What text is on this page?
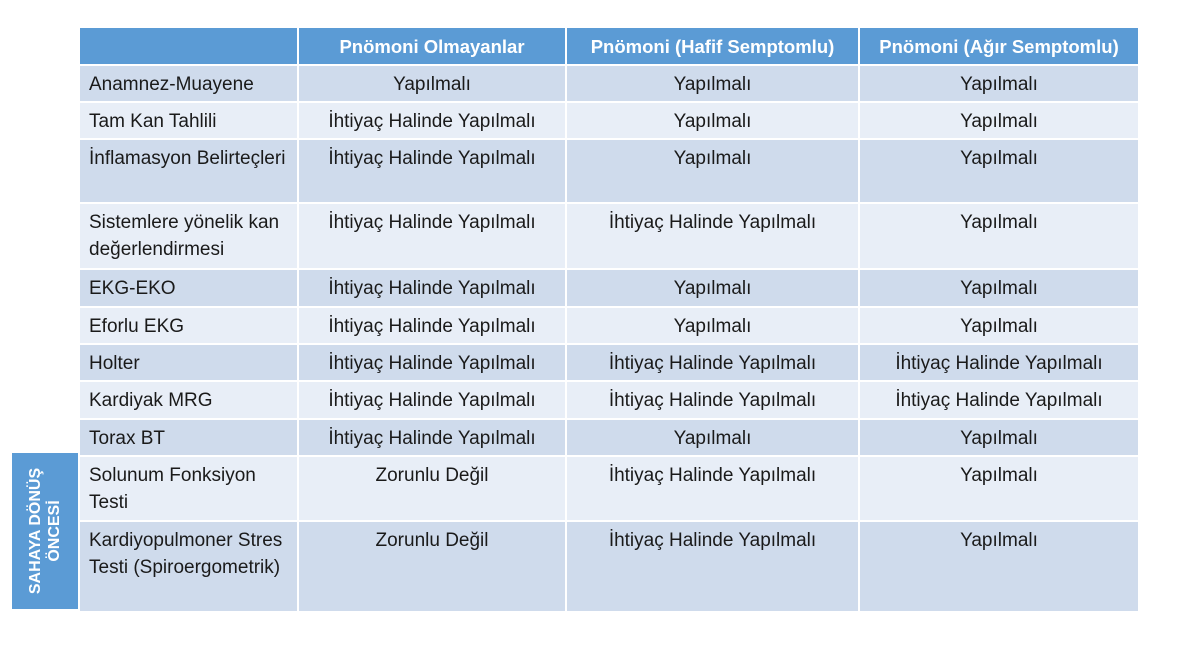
	Pnömoni Olmayanlar	Pnömoni (Hafif Semptomlu)	Pnömoni (Ağır Semptomlu)
Anamnez-Muayene	Yapılmalı	Yapılmalı	Yapılmalı
Tam Kan Tahlili	İhtiyaç Halinde Yapılmalı	Yapılmalı	Yapılmalı
İnflamasyon Belirteçleri	İhtiyaç Halinde Yapılmalı	Yapılmalı	Yapılmalı
Sistemlere yönelik kan değerlendirmesi	İhtiyaç Halinde Yapılmalı	İhtiyaç Halinde Yapılmalı	Yapılmalı
EKG-EKO	İhtiyaç Halinde Yapılmalı	Yapılmalı	Yapılmalı
Eforlu EKG	İhtiyaç Halinde Yapılmalı	Yapılmalı	Yapılmalı
Holter	İhtiyaç Halinde Yapılmalı	İhtiyaç Halinde Yapılmalı	İhtiyaç Halinde Yapılmalı
Kardiyak MRG	İhtiyaç Halinde Yapılmalı	İhtiyaç Halinde Yapılmalı	İhtiyaç Halinde Yapılmalı
Torax BT	İhtiyaç Halinde Yapılmalı	Yapılmalı	Yapılmalı
Solunum Fonksiyon Testi	Zorunlu Değil	İhtiyaç Halinde Yapılmalı	Yapılmalı
Kardiyopulmoner Stres Testi (Spiroergometrik)	Zorunlu Değil	İhtiyaç Halinde Yapılmalı	Yapılmalı
SAHAYA DÖNÜŞ ÖNCESİ
